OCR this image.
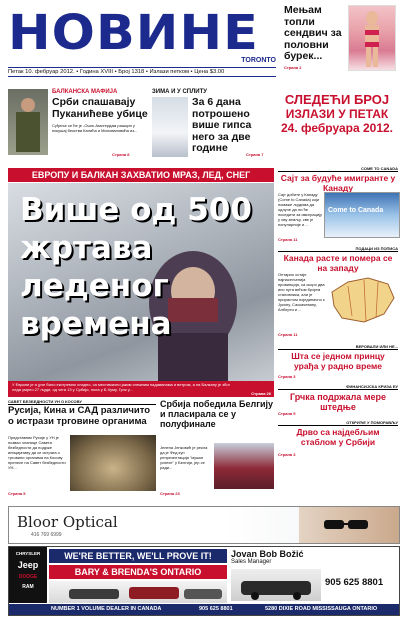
НОВИНЕ
TORONTO
Петак 10. фебруар 2012. • Година XVIII • Број 1318 • Излази петком • Цена $3.00
Мењам топли сендвич за половни бурек...
Страна 2
СЛЕДЕЋИ БРОЈ
ИЗЛАЗИ У ПЕТАК
24. фебруара 2012.
БАЛКАНСКА МАФИЈА
Срби спашавају Пуканићеве убице
Суђење се ће је -Ошљ Амстердам рашцин у покушај бекства Калића и Миловановића из...
Страна 8
ЗИМА И У СПЛИТУ
За 6 дана потрошено више гипса него за две године
Страна 7
ЕВРОПУ И БАЛКАН ЗАХВАТИО МРАЗ, ЛЕД, СНЕГ
Више од 500
жртава
леденог
времена
У Европи је и јуче било екстремно хладно, са местимично јаким снежним падавинама и ветром, а на Балкану је због леда умрло 27 људи, од чега 13 у Србији, пола у Б.Хуму, Грчк у...
Страна 26
COME TO CANADA
Сајт за будуће имигранте у Канаду
Сајт добите у Канаду (Come to Canada) који помаже људима да одлуче да ли ће поседити за имиграцију у ову земљу, све је популарније и ...
Come to Canada
Страна 11
ПОДАЦИ ИЗ ПОПИСА
Канада расте и помера се на западу
Онтарио остаје најнасељенија провинција, са скоро два ипо пута већом бројем становника, али је прирастом појединачно к Јукону, Саскачевану, Алберти и ...
Страна 11
ВЕРОВАЛИ ИЛИ НЕ...
Шта се једном принцу урађа у радно време
Страна 3
ФИНАНСИЈСКА КРИЗА ЕУ
Грчка подржала мере штедње
Страна 9
ОТКРИЋЕ У ПОМОРАВЉУ
Дрво са најдебљим стаблом у Србији
Страна 3
САВЕТ БЕЗБЕДНОСТИ УН О КОСОВУ
Русија, Кина и САД различито о истрази трговине органима
Представник Русије у УН је позвао чланице Савета безбедности да подрже иницијативу да се истрага о трговини органима на Косову пренесе на Савет безбедности УН...
Страна 5
Србија победила Белгију и пласирала се у полуфинале
Јелена Јенковић је рекла да је Фед куп репрезентација "мушке успехе" у Белгији, јер се ради...
Страна 23
Bloor Optical
416 769 6999
CHRYSLER
Jeep
DODGE
RAM
WE'RE BETTER, WE'LL PROVE IT!
BARY & BRENDA'S ONTARIO
Jovan Bob Božić
Sales Manager
905 625 8801
NUMBER 1 VOLUME DEALER IN CANADA	905 625 8801	5280 DIXIE ROAD MISSISSAUGA ONTARIO
